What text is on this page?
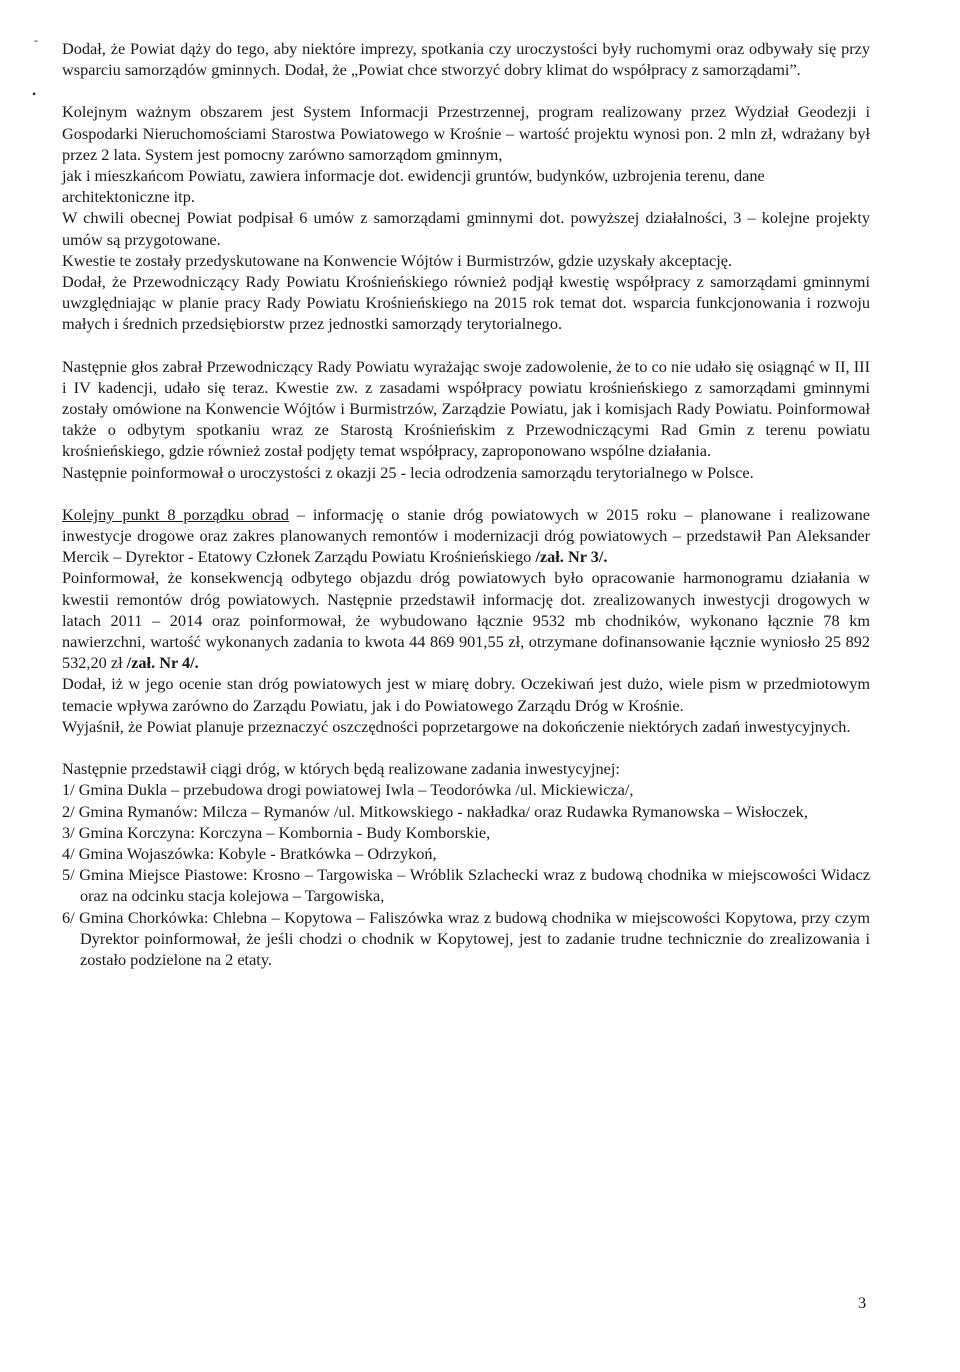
-
•

Dodał, że Powiat dąży do tego, aby niektóre imprezy, spotkania czy uroczystości były ruchomymi oraz odbywały się przy wsparciu samorządów gminnych. Dodał, że „Powiat chce stworzyć dobry klimat do współpracy z samorządami”.

Kolejnym ważnym obszarem jest System Informacji Przestrzennej, program realizowany przez Wydział Geodezji i Gospodarki Nieruchomościami Starostwa Powiatowego w Krośnie – wartość projektu wynosi pon. 2 mln zł, wdrażany był przez 2 lata. System jest pomocny zarówno samorządom gminnym,

jak i mieszkańcom Powiatu, zawiera informacje dot. ewidencji gruntów, budynków, uzbrojenia terenu, dane architektoniczne itp.

W chwili obecnej Powiat podpisał 6 umów z samorządami gminnymi dot. powyższej działalności, 3 – kolejne projekty umów są przygotowane.

Kwestie te zostały przedyskutowane na Konwencie Wójtów i Burmistrzów, gdzie uzyskały akceptację.

Dodał, że Przewodniczący Rady Powiatu Krośnieńskiego również podjął kwestię współpracy z samorządami gminnymi uwzględniając w planie pracy Rady Powiatu Krośnieńskiego na 2015 rok temat dot. wsparcia funkcjonowania i rozwoju małych i średnich przedsiębiorstw przez jednostki samorządy terytorialnego.

Następnie głos zabrał Przewodniczący Rady Powiatu wyrażając swoje zadowolenie, że to co nie udało się osiągnąć w II, III i IV kadencji, udało się teraz. Kwestie zw. z zasadami współpracy powiatu krośnieńskiego z samorządami gminnymi zostały omówione na Konwencie Wójtów i Burmistrzów, Zarządzie Powiatu, jak i komisjach Rady Powiatu. Poinformował także o odbytym spotkaniu wraz ze Starostą Krośnieńskim z Przewodniczącymi Rad Gmin z terenu powiatu krośnieńskiego, gdzie również został podjęty temat współpracy, zaproponowano wspólne działania.

Następnie poinformował o uroczystości z okazji 25 - lecia odrodzenia samorządu terytorialnego w Polsce.

Kolejny punkt 8 porządku obrad – informację o stanie dróg powiatowych w 2015 roku – planowane i realizowane inwestycje drogowe oraz zakres planowanych remontów i modernizacji dróg powiatowych – przedstawił Pan Aleksander Mercik – Dyrektor - Etatowy Członek Zarządu Powiatu Krośnieńskiego /zał. Nr 3/.

Poinformował, że konsekwencją odbytego objazdu dróg powiatowych było opracowanie harmonogramu działania w kwestii remontów dróg powiatowych. Następnie przedstawił informację dot. zrealizowanych inwestycji drogowych w latach 2011 – 2014 oraz poinformował, że wybudowano łącznie 9532 mb chodników, wykonano łącznie 78 km nawierzchni, wartość wykonanych zadania to kwota 44 869 901,55 zł, otrzymane dofinansowanie łącznie wyniosło 25 892 532,20 zł /zał. Nr 4/.

Dodał, iż w jego ocenie stan dróg powiatowych jest w miarę dobry. Oczekiwań jest dużo, wiele pism w przedmiotowym temacie wpływa zarówno do Zarządu Powiatu, jak i do Powiatowego Zarządu Dróg w Krośnie.

Wyjaśnił, że Powiat planuje przeznaczyć oszczędności poprzetargowe na dokończenie niektórych zadań inwestycyjnych.

Następnie przedstawił ciągi dróg, w których będą realizowane zadania inwestycyjnej:

1/ Gmina Dukla – przebudowa drogi powiatowej Iwla – Teodorówka /ul. Mickiewicza/,

2/ Gmina Rymanów: Milcza – Rymanów /ul. Mitkowskiego - nakładka/ oraz Rudawka Rymanowska – Wisłoczek,

3/ Gmina Korczyna: Korczyna – Kombornia - Budy Komborskie,

4/ Gmina Wojaszówka: Kobyle - Bratkówka – Odrzykoń,

5/ Gmina Miejsce Piastowe: Krosno – Targowiska – Wróblik Szlachecki wraz z budową chodnika w miejscowości Widacz oraz na odcinku stacja kolejowa – Targowiska,

6/ Gmina Chorkówka: Chlebna – Kopytowa – Faliszówka wraz z budową chodnika w miejscowości Kopytowa, przy czym Dyrektor poinformował, że jeśli chodzi o chodnik w Kopytowej, jest to zadanie trudne technicznie do zrealizowania i zostało podzielone na 2 etaty.

3
